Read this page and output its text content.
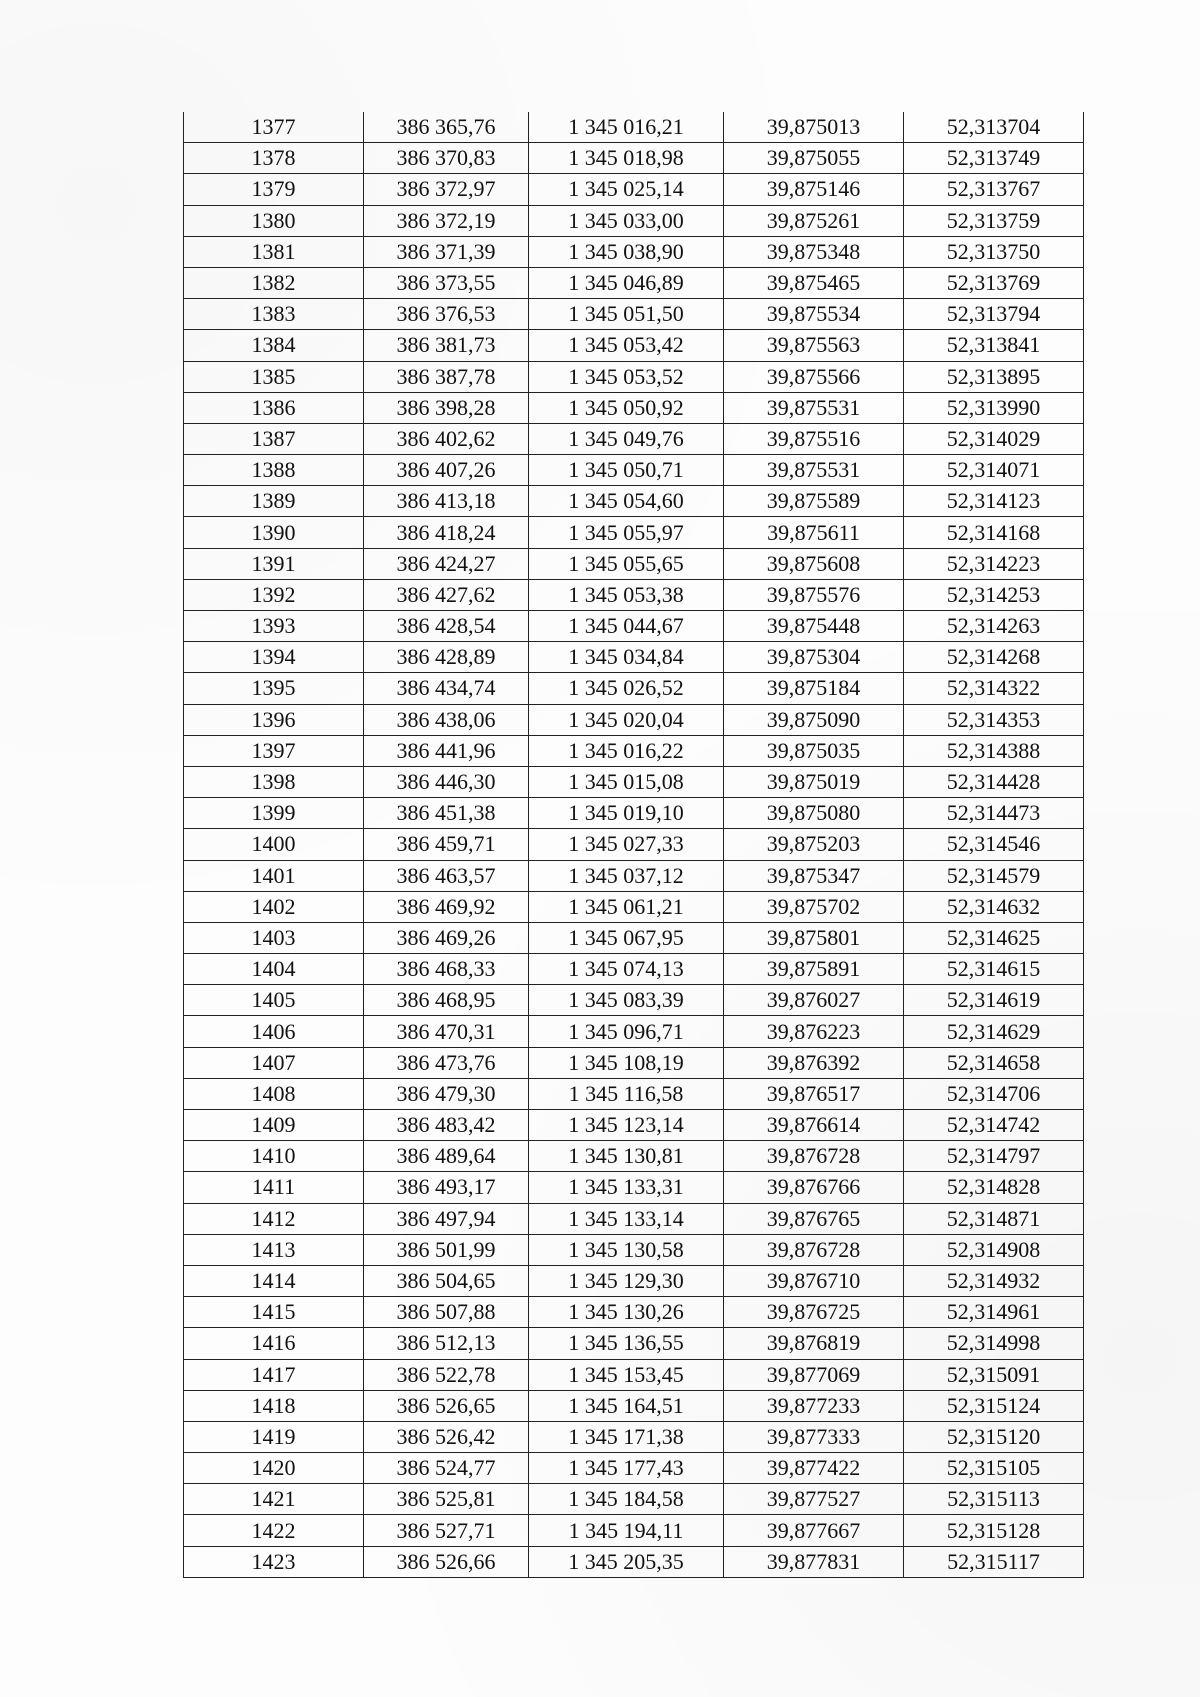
1377	386 365,76	1 345 016,21	39,875013	52,313704
1378	386 370,83	1 345 018,98	39,875055	52,313749
1379	386 372,97	1 345 025,14	39,875146	52,313767
1380	386 372,19	1 345 033,00	39,875261	52,313759
1381	386 371,39	1 345 038,90	39,875348	52,313750
1382	386 373,55	1 345 046,89	39,875465	52,313769
1383	386 376,53	1 345 051,50	39,875534	52,313794
1384	386 381,73	1 345 053,42	39,875563	52,313841
1385	386 387,78	1 345 053,52	39,875566	52,313895
1386	386 398,28	1 345 050,92	39,875531	52,313990
1387	386 402,62	1 345 049,76	39,875516	52,314029
1388	386 407,26	1 345 050,71	39,875531	52,314071
1389	386 413,18	1 345 054,60	39,875589	52,314123
1390	386 418,24	1 345 055,97	39,875611	52,314168
1391	386 424,27	1 345 055,65	39,875608	52,314223
1392	386 427,62	1 345 053,38	39,875576	52,314253
1393	386 428,54	1 345 044,67	39,875448	52,314263
1394	386 428,89	1 345 034,84	39,875304	52,314268
1395	386 434,74	1 345 026,52	39,875184	52,314322
1396	386 438,06	1 345 020,04	39,875090	52,314353
1397	386 441,96	1 345 016,22	39,875035	52,314388
1398	386 446,30	1 345 015,08	39,875019	52,314428
1399	386 451,38	1 345 019,10	39,875080	52,314473
1400	386 459,71	1 345 027,33	39,875203	52,314546
1401	386 463,57	1 345 037,12	39,875347	52,314579
1402	386 469,92	1 345 061,21	39,875702	52,314632
1403	386 469,26	1 345 067,95	39,875801	52,314625
1404	386 468,33	1 345 074,13	39,875891	52,314615
1405	386 468,95	1 345 083,39	39,876027	52,314619
1406	386 470,31	1 345 096,71	39,876223	52,314629
1407	386 473,76	1 345 108,19	39,876392	52,314658
1408	386 479,30	1 345 116,58	39,876517	52,314706
1409	386 483,42	1 345 123,14	39,876614	52,314742
1410	386 489,64	1 345 130,81	39,876728	52,314797
1411	386 493,17	1 345 133,31	39,876766	52,314828
1412	386 497,94	1 345 133,14	39,876765	52,314871
1413	386 501,99	1 345 130,58	39,876728	52,314908
1414	386 504,65	1 345 129,30	39,876710	52,314932
1415	386 507,88	1 345 130,26	39,876725	52,314961
1416	386 512,13	1 345 136,55	39,876819	52,314998
1417	386 522,78	1 345 153,45	39,877069	52,315091
1418	386 526,65	1 345 164,51	39,877233	52,315124
1419	386 526,42	1 345 171,38	39,877333	52,315120
1420	386 524,77	1 345 177,43	39,877422	52,315105
1421	386 525,81	1 345 184,58	39,877527	52,315113
1422	386 527,71	1 345 194,11	39,877667	52,315128
1423	386 526,66	1 345 205,35	39,877831	52,315117
